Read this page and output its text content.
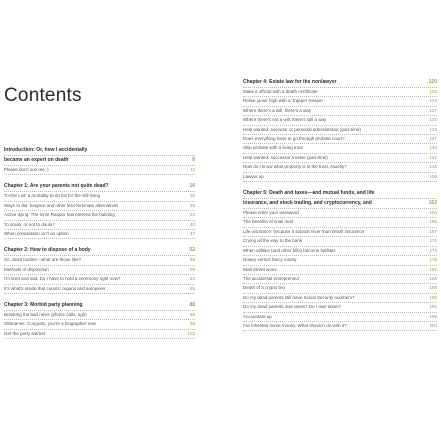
Contents
Introduction: Or, how I accidentally
became an expert on death	8
Please don't sue me :)	13
Chapter 1: Are your parents not quite dead?	16
To-Die List: a mortality to-do list for the still living	20
Ways to die: hospice and other less-fortunate alternatives	25
Active dying: The Grim Reaper has entered the building	34
To doula, or not to doula?	40
When preparation isn't an option	47
Chapter 2: How to dispose of a body	52
So, dead bodies—what are those like?	53
Methods of disposition	59
I'm tired and sad. Do I have to hold a ceremony right now?	84
It's what's inside that counts: organs and autopsies	85
Chapter 3: Morbid party planning	88
Breaking the bad news (phone calls, ugh)	89
Obituaries: Congrats, you're a biographer now	93
Get the party started	102
Chapter 4: Estate law for the nonlawyer	120
Make it official with a death certificate	123
Relive junior high with a Trapper Keeper	124
Where there's a will, there's a way	127
Where there's not a will, there's still a way	132
Help wanted: executor or personal administrator (part-time)	134
Does everything have to go through probate court?	137
Skip probate with a living trust	140
Help wanted: successor trustee (part-time)	142
How do I know what property is in the trust, exactly?	148
Lawyer up	159
Chapter 5: Death and taxes—and mutual funds, and life
insurance, and stock trading, and cryptocurrency, and	162
Please enter your password	164
The benefits of snail mail	166
Life insurance: because it sounds nicer than death insurance	167
Crying all the way to the bank	170
When utilities (and other bills) become futilities	174
Notary versus fancy notary	178
Wall Street woes	182
The accidental entrepreneur	186
Death of a crypto bro	188
Do my dead parents still have Social Security numbers?	190
Do my dead parents owe taxes? Do I owe taxes?	194
Accountant up	198
I've inherited some money. What should I do with it?	204
